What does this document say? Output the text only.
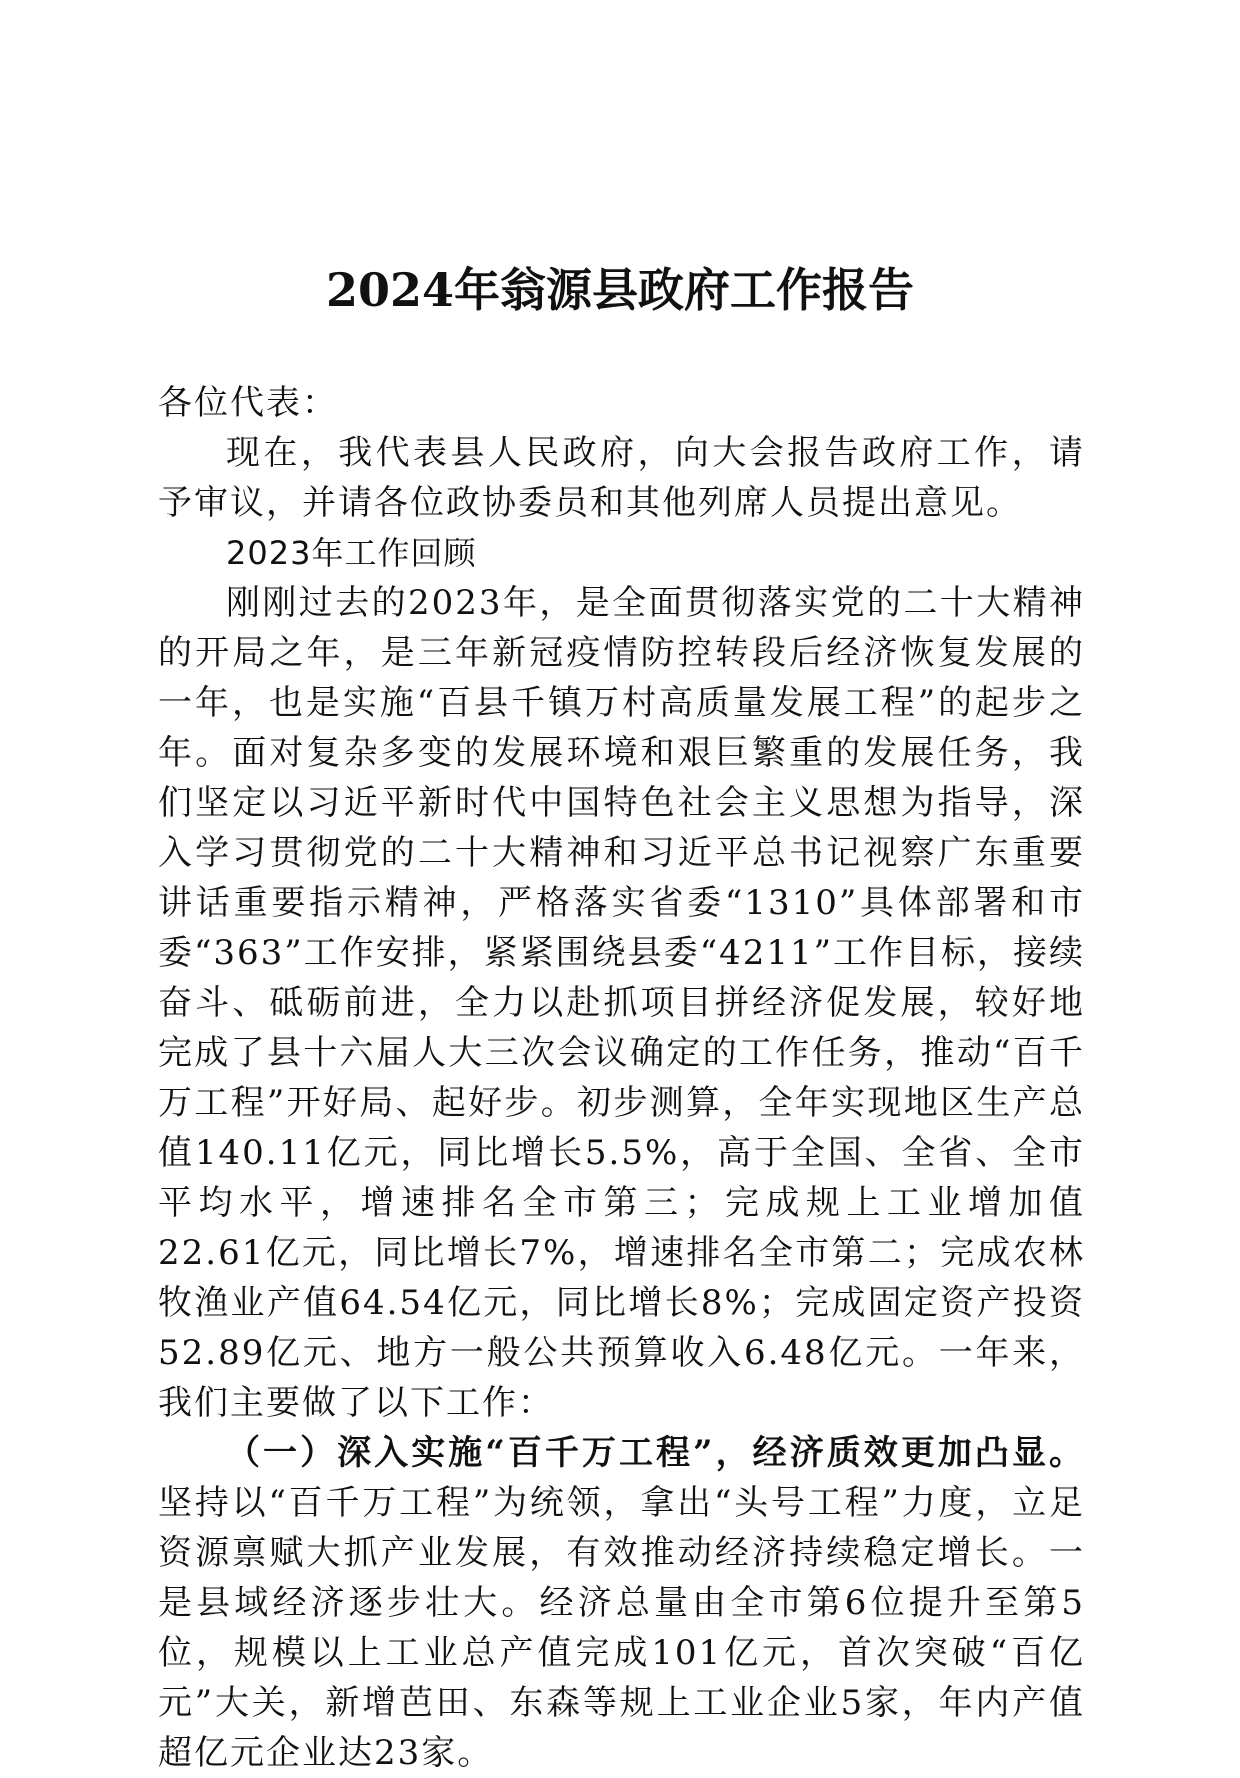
2024年翁源县政府工作报告

各位代表：

现在，我代表县人民政府，向大会报告政府工作，请予审议，并请各位政协委员和其他列席人员提出意见。

2023年工作回顾

刚刚过去的2023年，是全面贯彻落实党的二十大精神的开局之年，是三年新冠疫情防控转段后经济恢复发展的一年，也是实施“百县千镇万村高质量发展工程”的起步之年。面对复杂多变的发展环境和艰巨繁重的发展任务，我们坚定以习近平新时代中国特色社会主义思想为指导，深入学习贯彻党的二十大精神和习近平总书记视察广东重要讲话重要指示精神，严格落实省委“1310”具体部署和市委“363”工作安排，紧紧围绕县委“4211”工作目标，接续奋斗、砥砺前进，全力以赴抓项目拼经济促发展，较好地完成了县十六届人大三次会议确定的工作任务，推动“百千万工程”开好局、起好步。初步测算，全年实现地区生产总值140.11亿元，同比增长5.5%，高于全国、全省、全市平均水平，增速排名全市第三；完成规上工业增加值22.61亿元，同比增长7%，增速排名全市第二；完成农林牧渔业产值64.54亿元，同比增长8%；完成固定资产投资52.89亿元、地方一般公共预算收入6.48亿元。一年来，我们主要做了以下工作：

（一）深入实施“百千万工程”，经济质效更加凸显。坚持以“百千万工程”为统领，拿出“头号工程”力度，立足资源禀赋大抓产业发展，有效推动经济持续稳定增长。一是县域经济逐步壮大。经济总量由全市第6位提升至第5位，规模以上工业总产值完成101亿元，首次突破“百亿元”大关，新增芭田、东森等规上工业企业5家，年内产值超亿元企业达23家。
